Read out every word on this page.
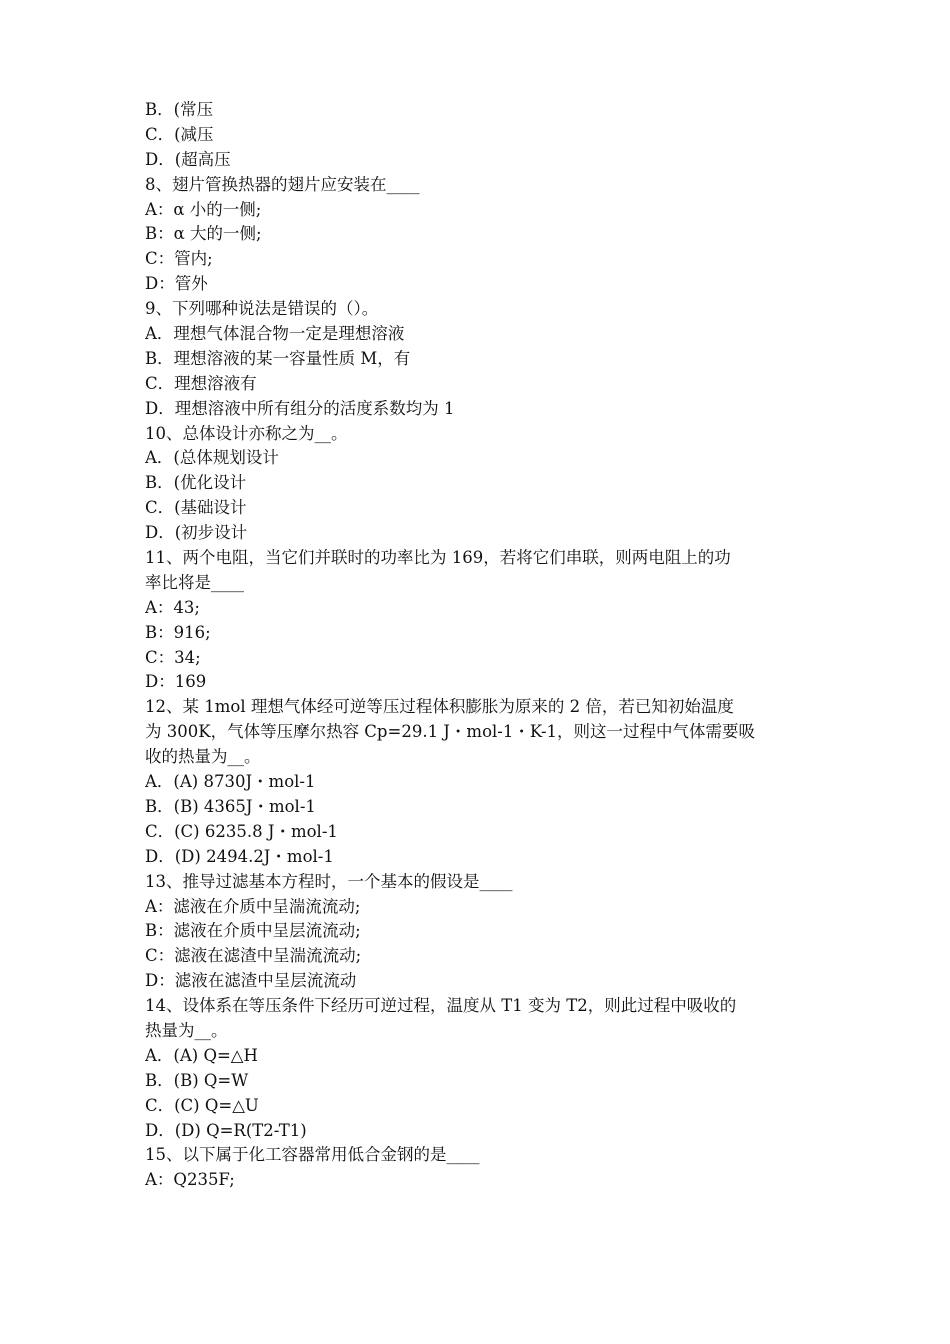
B．(常压
C．(减压
D．(超高压
8、翅片管换热器的翅片应安装在____
A：α 小的一侧;
B：α 大的一侧;
C：管内;
D：管外
9、下列哪种说法是错误的（）。
A．理想气体混合物一定是理想溶液
B．理想溶液的某一容量性质 M，有
C．理想溶液有
D．理想溶液中所有组分的活度系数均为 1
10、总体设计亦称之为__。
A．(总体规划设计
B．(优化设计
C．(基础设计
D．(初步设计
11、两个电阻，当它们并联时的功率比为 169，若将它们串联，则两电阻上的功
率比将是____
A：43;
B：916;
C：34;
D：169
12、某 1mol 理想气体经可逆等压过程体积膨胀为原来的 2 倍，若已知初始温度
为 300K，气体等压摩尔热容 Cp=29.1 J・mol-1・K-1，则这一过程中气体需要吸
收的热量为__。
A．(A) 8730J・mol-1
B．(B) 4365J・mol-1
C．(C) 6235.8 J・mol-1
D．(D) 2494.2J・mol-1
13、推导过滤基本方程时，一个基本的假设是____
A：滤液在介质中呈湍流流动;
B：滤液在介质中呈层流流动;
C：滤液在滤渣中呈湍流流动;
D：滤液在滤渣中呈层流流动
14、设体系在等压条件下经历可逆过程，温度从 T1 变为 T2，则此过程中吸收的
热量为__。
A．(A) Q=△H
B．(B) Q=W
C．(C) Q=△U
D．(D) Q=R(T2-T1)
15、以下属于化工容器常用低合金钢的是____
A：Q235F;
